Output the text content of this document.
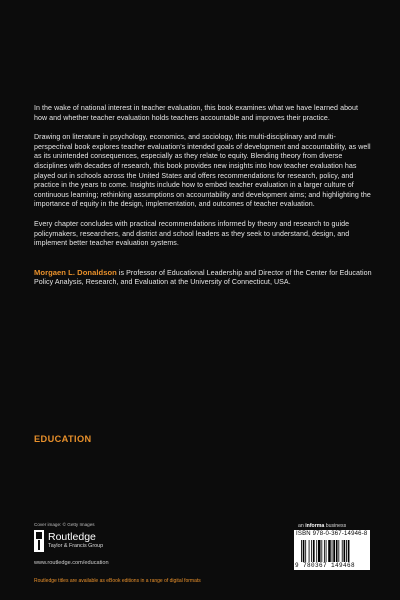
In the wake of national interest in teacher evaluation, this book examines what we have learned about how and whether teacher evaluation holds teachers accountable and improves their practice.

Drawing on literature in psychology, economics, and sociology, this multi-disciplinary and multi-perspectival book explores teacher evaluation’s intended goals of development and accountability, as well as its unintended consequences, especially as they relate to equity. Blending theory from diverse disciplines with decades of research, this book provides new insights into how teacher evaluation has played out in schools across the United States and offers recommendations for research, policy, and practice in the years to come. Insights include how to embed teacher evaluation in a larger culture of continuous learning; rethinking assumptions on accountability and development aims; and highlighting the importance of equity in the design, implementation, and outcomes of teacher evaluation.

Every chapter concludes with practical recommendations informed by theory and research to guide policymakers, researchers, and district and school leaders as they seek to understand, design, and implement better teacher evaluation systems.

Morgaen L. Donaldson is Professor of Educational Leadership and Director of the Center for Education Policy Analysis, Research, and Evaluation at the University of Connecticut, USA.

EDUCATION
Cover image: © Getty Images
Routledge
Taylor & Francis Group
www.routledge.com/education
Routledge titles are available as eBook editions in a range of digital formats
an informa business
ISBN 978-0-367-14946-8
9 780367 149468
